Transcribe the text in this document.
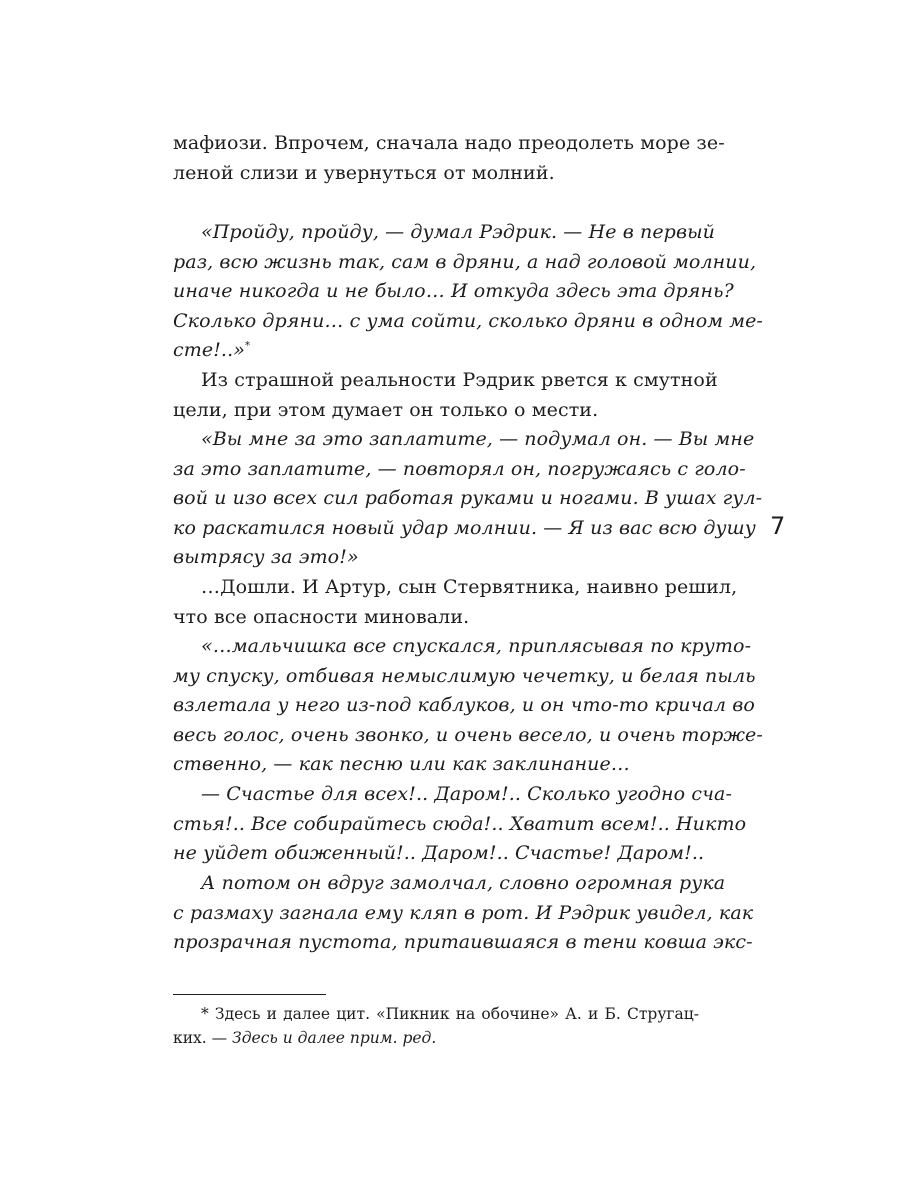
мафиози. Впрочем, сначала надо преодолеть море зе-
леной слизи и увернуться от молний.
«Пройду, пройду, — думал Рэдрик. — Не в первый
раз, всю жизнь так, сам в дряни, а над головой молнии,
иначе никогда и не было… И откуда здесь эта дрянь?
Сколько дряни… с ума сойти, сколько дряни в одном ме-
сте!..»*
Из страшной реальности Рэдрик рвется к смутной
цели, при этом думает он только о мести.
«Вы мне за это заплатите, — подумал он. — Вы мне
за это заплатите, — повторял он, погружаясь с голо-
вой и изо всех сил работая руками и ногами. В ушах гул-
ко раскатился новый удар молнии. — Я из вас всю душу
вытрясу за это!»
…Дошли. И Артур, сын Стервятника, наивно решил,
что все опасности миновали.
«…мальчишка все спускался, приплясывая по круто-
му спуску, отбивая немыслимую чечетку, и белая пыль
взлетала у него из-под каблуков, и он что-то кричал во
весь голос, очень звонко, и очень весело, и очень торже-
ственно, — как песню или как заклинание…
— Счастье для всех!.. Даром!.. Сколько угодно сча-
стья!.. Все собирайтесь сюда!.. Хватит всем!.. Никто
не уйдет обиженный!.. Даром!.. Счастье! Даром!..
А потом он вдруг замолчал, словно огромная рука
с размаху загнала ему кляп в рот. И Рэдрик увидел, как
прозрачная пустота, притаившаяся в тени ковша экс-
7
* Здесь и далее цит. «Пикник на обочине» А. и Б. Стругац-
ких. — Здесь и далее прим. ред.
